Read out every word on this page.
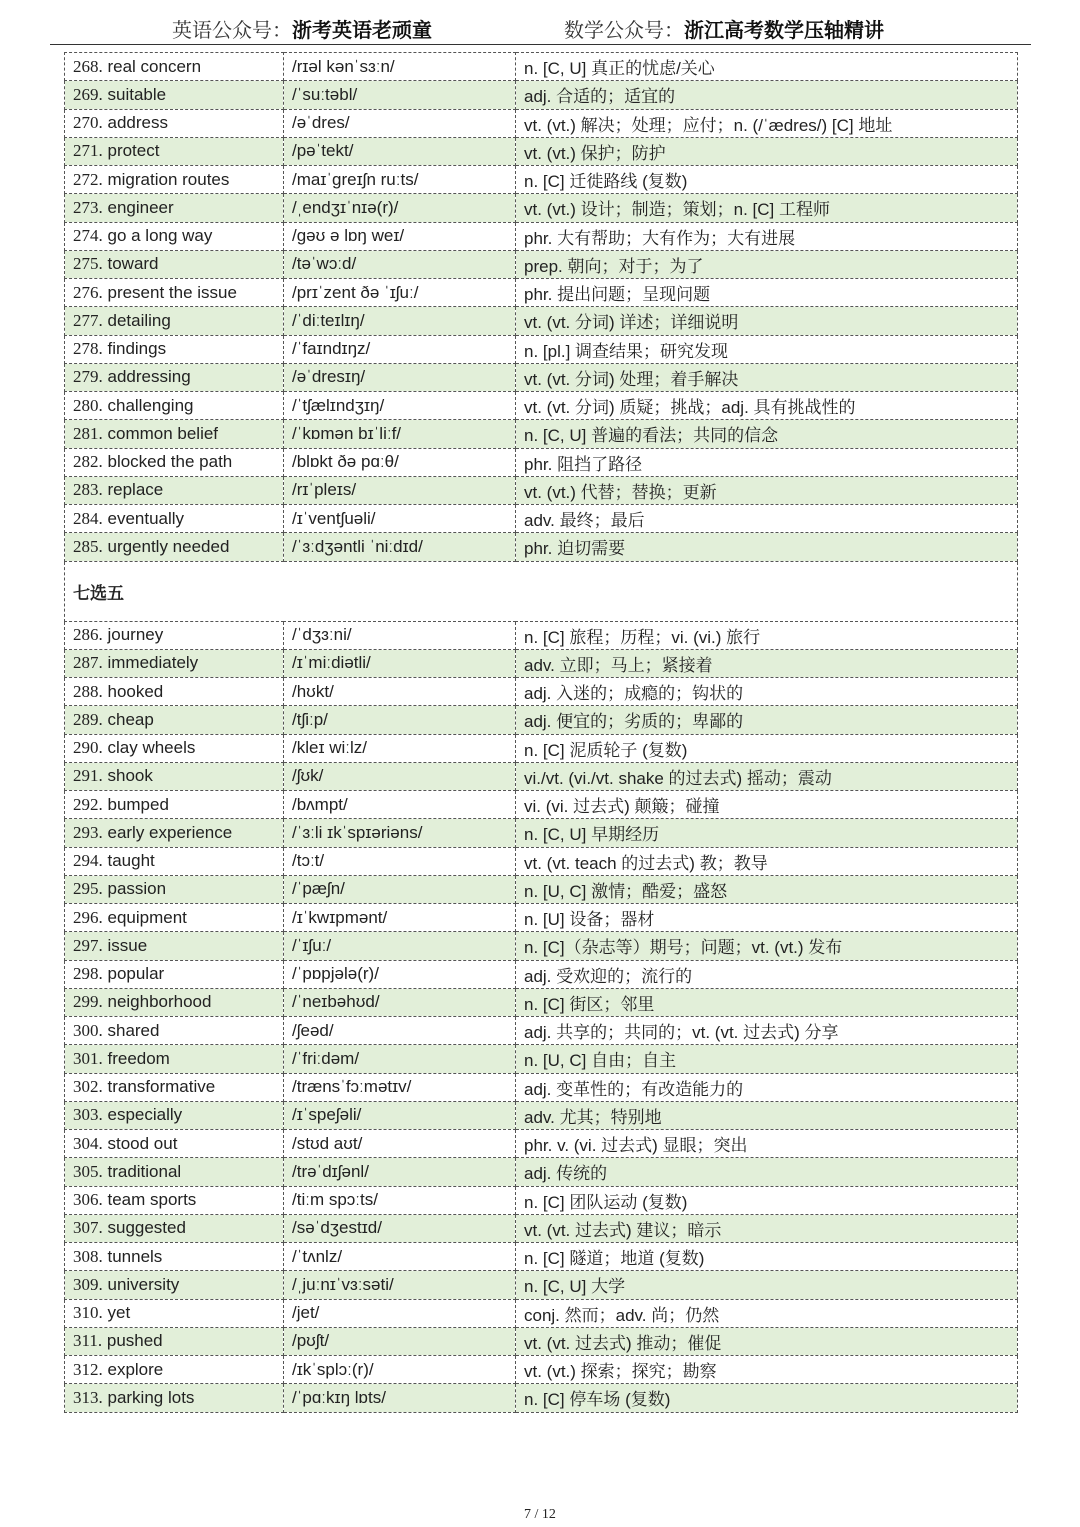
英语公众号：浙考英语老顽童	数学公众号：浙江高考数学压轴精讲
268. real concern	/rɪəl kənˈsɜːn/	n. [C, U] 真正的忧虑/关心
269. suitable	/ˈsuːtəbl/	adj. 合适的；适宜的
270. address	/əˈdres/	vt. (vt.) 解决；处理；应付；n. (/ˈædres/) [C] 地址
271. protect	/pəˈtekt/	vt. (vt.) 保护；防护
272. migration routes	/maɪˈɡreɪʃn ruːts/	n. [C] 迁徙路线 (复数)
273. engineer	/ˌendʒɪˈnɪə(r)/	vt. (vt.) 设计；制造；策划；n. [C] 工程师
274. go a long way	/ɡəʊ ə lɒŋ weɪ/	phr. 大有帮助；大有作为；大有进展
275. toward	/təˈwɔːd/	prep. 朝向；对于；为了
276. present the issue	/prɪˈzent ðə ˈɪʃuː/	phr. 提出问题；呈现问题
277. detailing	/ˈdiːteɪlɪŋ/	vt. (vt. 分词) 详述；详细说明
278. findings	/ˈfaɪndɪŋz/	n. [pl.] 调查结果；研究发现
279. addressing	/əˈdresɪŋ/	vt. (vt. 分词) 处理；着手解决
280. challenging	/ˈtʃælɪndʒɪŋ/	vt. (vt. 分词) 质疑；挑战；adj. 具有挑战性的
281. common belief	/ˈkɒmən bɪˈliːf/	n. [C, U] 普遍的看法；共同的信念
282. blocked the path	/blɒkt ðə pɑːθ/	phr. 阻挡了路径
283. replace	/rɪˈpleɪs/	vt. (vt.) 代替；替换；更新
284. eventually	/ɪˈventʃuəli/	adv. 最终；最后
285. urgently needed	/ˈɜːdʒəntli ˈniːdɪd/	phr. 迫切需要
七选五		
286. journey	/ˈdʒɜːni/	n. [C] 旅程；历程；vi. (vi.) 旅行
287. immediately	/ɪˈmiːdiətli/	adv. 立即；马上；紧接着
288. hooked	/hʊkt/	adj. 入迷的；成瘾的；钩状的
289. cheap	/tʃiːp/	adj. 便宜的；劣质的；卑鄙的
290. clay wheels	/kleɪ wiːlz/	n. [C] 泥质轮子 (复数)
291. shook	/ʃʊk/	vi./vt. (vi./vt. shake 的过去式) 摇动；震动
292. bumped	/bʌmpt/	vi. (vi. 过去式) 颠簸；碰撞
293. early experience	/ˈɜːli ɪkˈspɪəriəns/	n. [C, U] 早期经历
294. taught	/tɔːt/	vt. (vt. teach 的过去式) 教；教导
295. passion	/ˈpæʃn/	n. [U, C] 激情；酷爱；盛怒
296. equipment	/ɪˈkwɪpmənt/	n. [U] 设备；器材
297. issue	/ˈɪʃuː/	n. [C]（杂志等）期号；问题；vt. (vt.) 发布
298. popular	/ˈpɒpjələ(r)/	adj. 受欢迎的；流行的
299. neighborhood	/ˈneɪbəhʊd/	n. [C] 街区；邻里
300. shared	/ʃeəd/	adj. 共享的；共同的；vt. (vt. 过去式) 分享
301. freedom	/ˈfriːdəm/	n. [U, C] 自由；自主
302. transformative	/trænsˈfɔːmətɪv/	adj. 变革性的；有改造能力的
303. especially	/ɪˈspeʃəli/	adv. 尤其；特别地
304. stood out	/stʊd aʊt/	phr. v. (vi. 过去式) 显眼；突出
305. traditional	/trəˈdɪʃənl/	adj. 传统的
306. team sports	/tiːm spɔːts/	n. [C] 团队运动 (复数)
307. suggested	/səˈdʒestɪd/	vt. (vt. 过去式) 建议；暗示
308. tunnels	/ˈtʌnlz/	n. [C] 隧道；地道 (复数)
309. university	/ˌjuːnɪˈvɜːsəti/	n. [C, U] 大学
310. yet	/jet/	conj. 然而；adv. 尚；仍然
311. pushed	/pʊʃt/	vt. (vt. 过去式) 推动；催促
312. explore	/ɪkˈsplɔː(r)/	vt. (vt.) 探索；探究；勘察
313. parking lots	/ˈpɑːkɪŋ lɒts/	n. [C] 停车场 (复数)
7 / 12
